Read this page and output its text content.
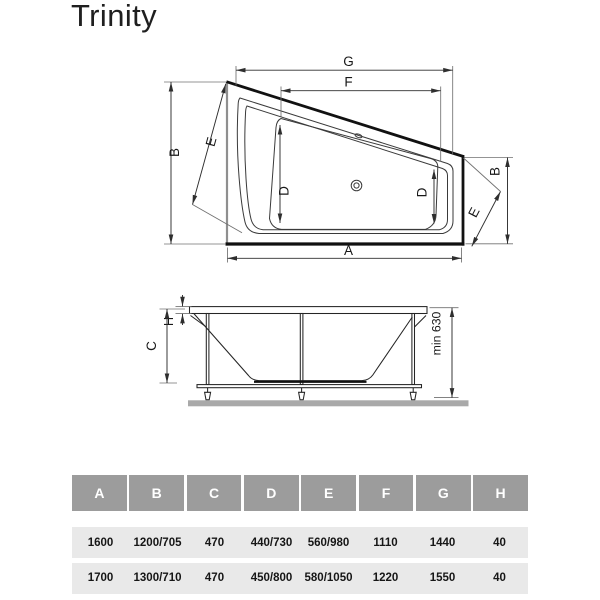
Trinity
G
F
B
E
A
B
E
D	D
H
C	min 630
A	B	C	D	E	F	G	H
1600	1200/705	470	440/730	560/980	1110	1440	40
1700	1300/710	470	450/800	580/1050	1220	1550	40
